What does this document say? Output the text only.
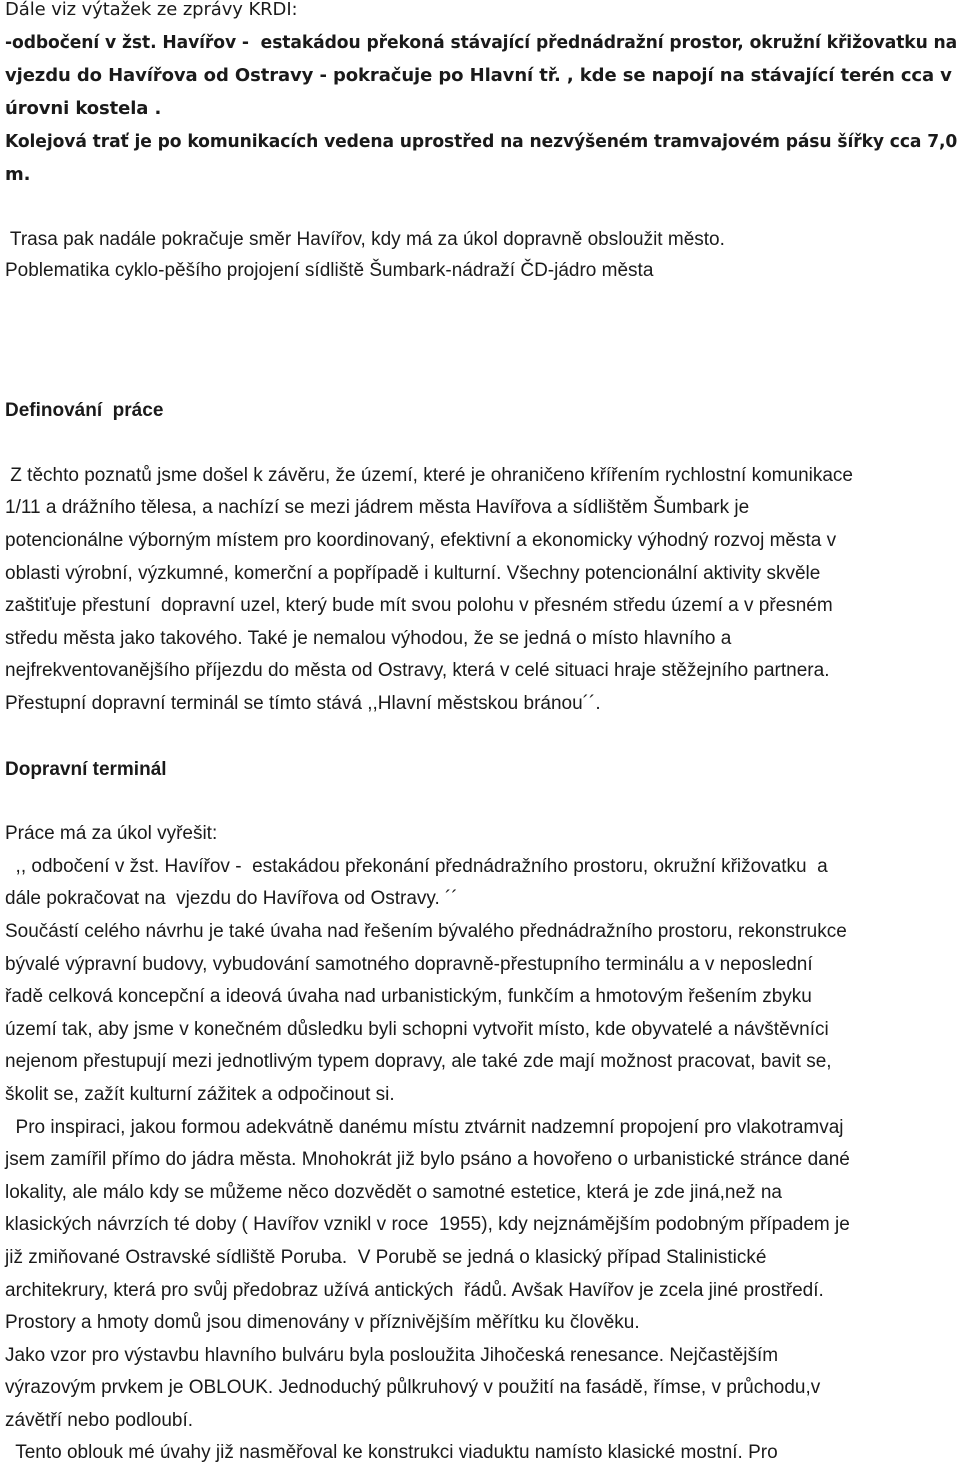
Dále viz výtažek ze zprávy KRDI:
-odbočení v žst. Havířov -  estakádou překoná stávající přednádražní prostor, okružní křižovatku na
vjezdu do Havířova od Ostravy - pokračuje po Hlavní tř. , kde se napojí na stávající terén cca v
úrovni kostela .
Kolejová trať je po komunikacích vedena uprostřed na nezvýšeném tramvajovém pásu šířky cca 7,0
m.
Trasa pak nadále pokračuje směr Havířov, kdy má za úkol dopravně obsloužit město.
Poblematika cyklo-pěšího projojení sídliště Šumbark-nádraží ČD-jádro města
Definování  práce
Z těchto poznatů jsme došel k závěru, že území, které je ohraničeno křířením rychlostní komunikace
1/11 a drážního tělesa, a nachízí se mezi jádrem města Havířova a sídlištěm Šumbark je
potencionálne výborným místem pro koordinovaný, efektivní a ekonomicky výhodný rozvoj města v
oblasti výrobní, výzkumné, komerční a popřípadě i kulturní. Všechny potencionální aktivity skvěle
zaštiťuje přestuní  dopravní uzel, který bude mít svou polohu v přesném středu území a v přesném
středu města jako takového. Také je nemalou výhodou, že se jedná o místo hlavního a
nejfrekventovanějšího příjezdu do města od Ostravy, která v celé situaci hraje stěžejního partnera.
Přestupní dopravní terminál se tímto stává ,,Hlavní městskou bránou´´.
Dopravní terminál
Práce má za úkol vyřešit:
,, odbočení v žst. Havířov -  estakádou překonání přednádražního prostoru, okružní křižovatku  a
dále pokračovat na  vjezdu do Havířova od Ostravy. ´´
Součástí celého návrhu je také úvaha nad řešením bývalého přednádražního prostoru, rekonstrukce
bývalé výpravní budovy, vybudování samotného dopravně-přestupního terminálu a v neposlední
řadě celková koncepční a ideová úvaha nad urbanistickým, funkčím a hmotovým řešením zbyku
území tak, aby jsme v konečném důsledku byli schopni vytvořit místo, kde obyvatelé a návštěvníci
nejenom přestupují mezi jednotlivým typem dopravy, ale také zde mají možnost pracovat, bavit se,
školit se, zažít kulturní zážitek a odpočinout si.
Pro inspiraci, jakou formou adekvátně danému místu ztvárnit nadzemní propojení pro vlakotramvaj
jsem zamířil přímo do jádra města. Mnohokrát již bylo psáno a hovořeno o urbanistické stránce dané
lokality, ale málo kdy se můžeme něco dozvědět o samotné estetice, která je zde jiná,než na
klasických návrzích té doby ( Havířov vznikl v roce  1955), kdy nejznámějším podobným případem je
již zmiňované Ostravské sídliště Poruba.  V Porubě se jedná o klasický případ Stalinistické
architekrury, která pro svůj předobraz užívá antických  řádů. Avšak Havířov je zcela jiné prostředí.
Prostory a hmoty domů jsou dimenovány v příznivějším měřítku ku člověku.
Jako vzor pro výstavbu hlavního bulváru byla posloužita Jihočeská renesance. Nejčastějším
výrazovým prvkem je OBLOUK. Jednoduchý půlkruhový v použití na fasádě, římse, v průchodu,v
závětří nebo podloubí.
Tento oblouk mé úvahy již nasměřoval ke konstrukci viaduktu namísto klasické mostní. Pro
